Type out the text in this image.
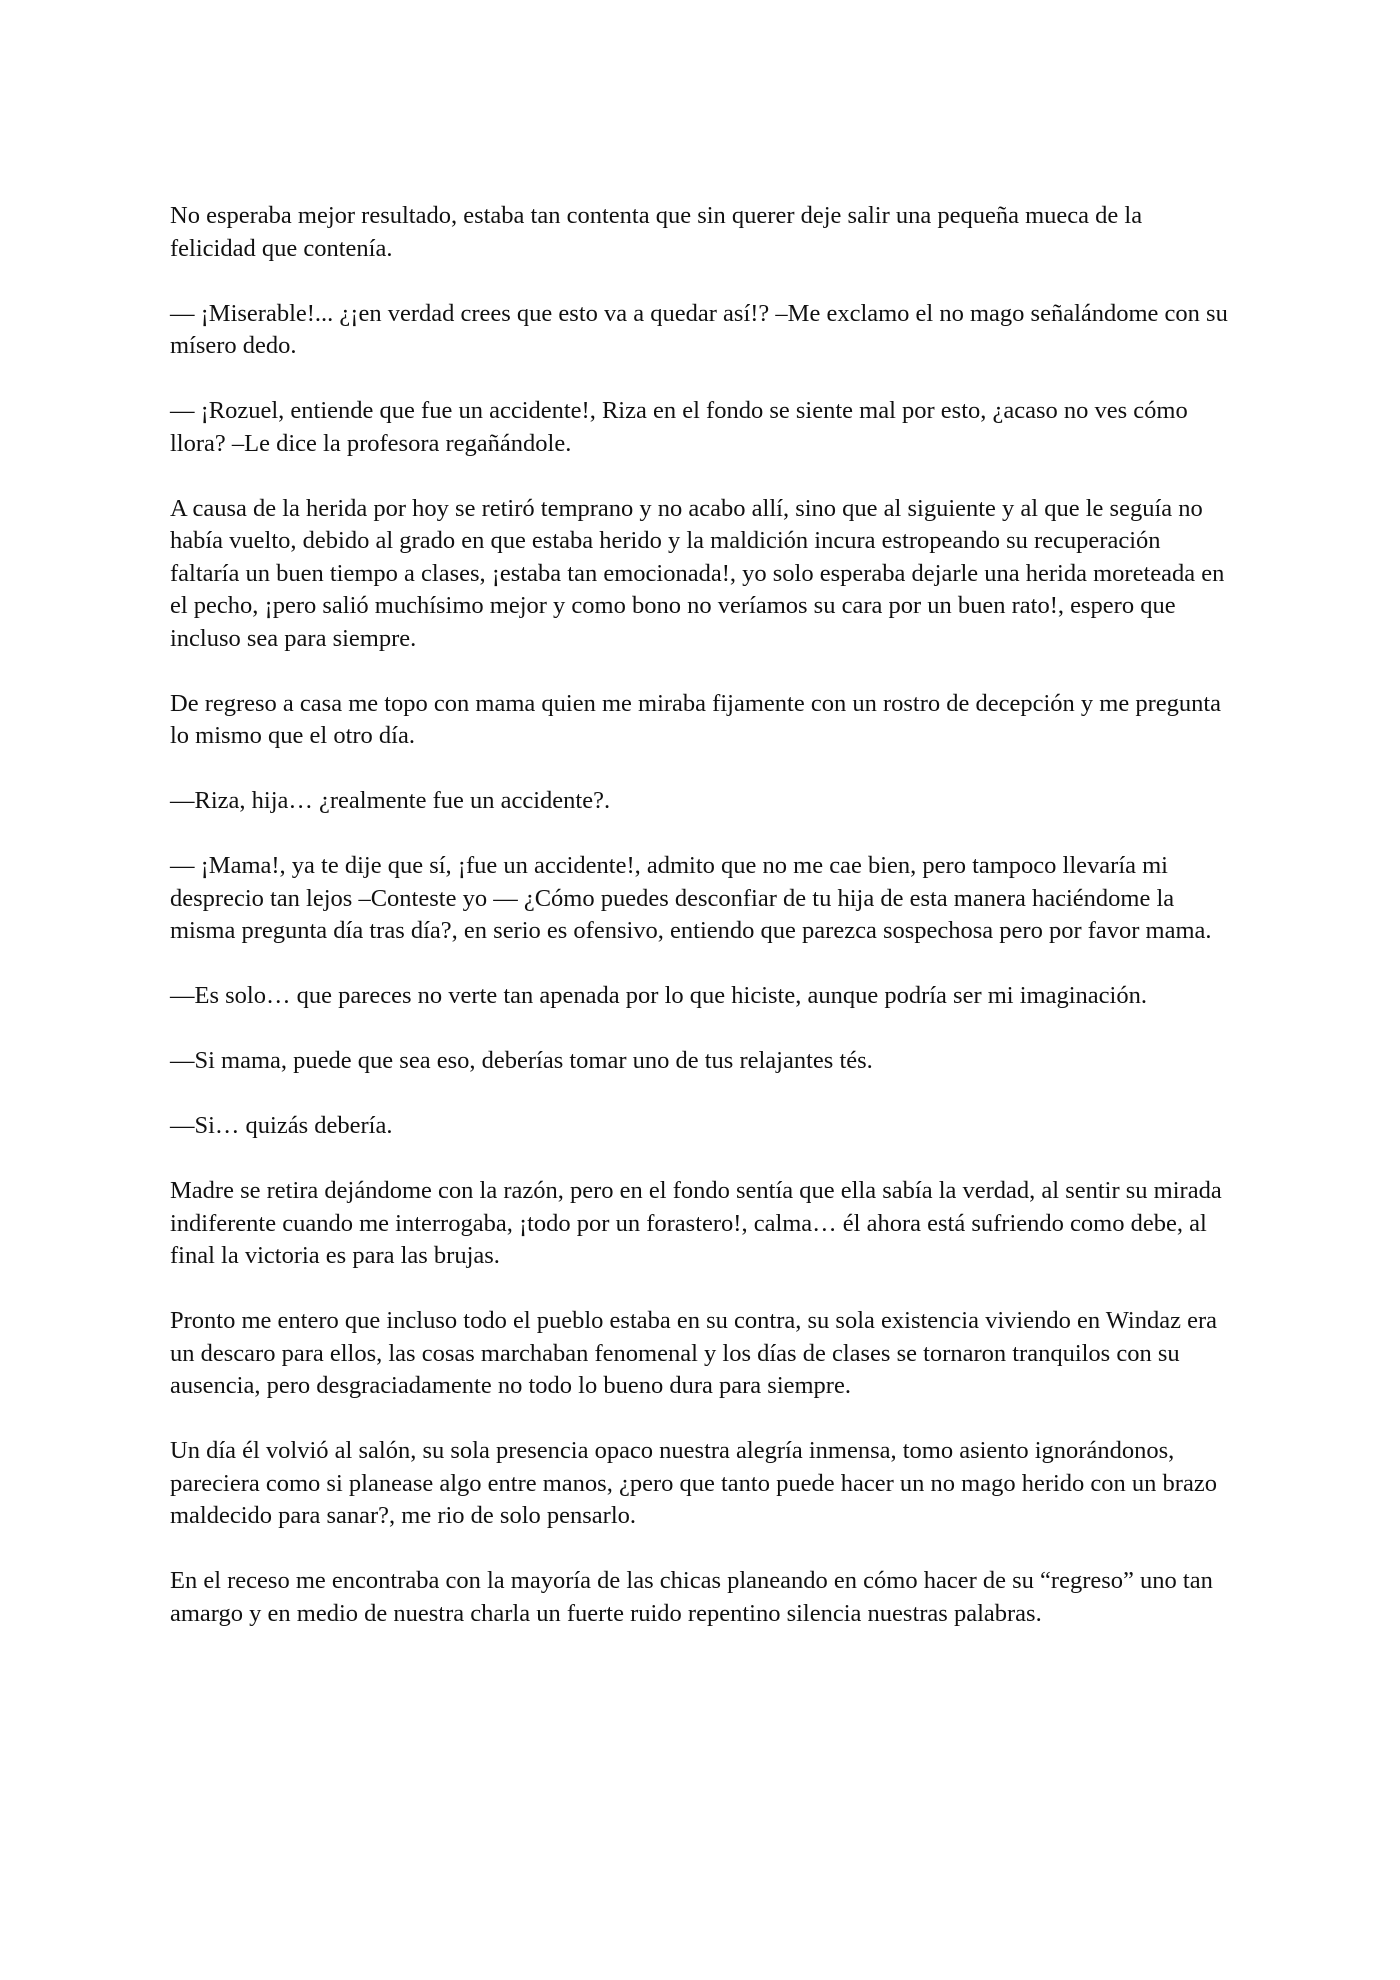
No esperaba mejor resultado, estaba tan contenta que sin querer deje salir una pequeña mueca de la felicidad que contenía.

— ¡Miserable!... ¿¡en verdad crees que esto va a quedar así!? –Me exclamo el no mago señalándome con su mísero dedo.

— ¡Rozuel, entiende que fue un accidente!, Riza en el fondo se siente mal por esto, ¿acaso no ves cómo llora? –Le dice la profesora regañándole.

A causa de la herida por hoy se retiró temprano y no acabo allí, sino que al siguiente y al que le seguía no había vuelto, debido al grado en que estaba herido y la maldición incura estropeando su recuperación faltaría un buen tiempo a clases, ¡estaba tan emocionada!, yo solo esperaba dejarle una herida moreteada en el pecho, ¡pero salió muchísimo mejor y como bono no veríamos su cara por un buen rato!, espero que incluso sea para siempre.

De regreso a casa me topo con mama quien me miraba fijamente con un rostro de decepción y me pregunta lo mismo que el otro día.

—Riza, hija… ¿realmente fue un accidente?.

— ¡Mama!, ya te dije que sí, ¡fue un accidente!, admito que no me cae bien, pero tampoco llevaría mi desprecio tan lejos –Conteste yo — ¿Cómo puedes desconfiar de tu hija de esta manera haciéndome la misma pregunta día tras día?, en serio es ofensivo, entiendo que parezca sospechosa pero por favor mama.

—Es solo… que pareces no verte tan apenada por lo que hiciste, aunque podría ser mi imaginación.

—Si mama, puede que sea eso, deberías tomar uno de tus relajantes tés.

—Si… quizás debería.

Madre se retira dejándome con la razón, pero en el fondo sentía que ella sabía la verdad, al sentir su mirada indiferente cuando me interrogaba, ¡todo por un forastero!, calma… él ahora está sufriendo como debe, al final la victoria es para las brujas.

Pronto me entero que incluso todo el pueblo estaba en su contra, su sola existencia viviendo en Windaz era un descaro para ellos, las cosas marchaban fenomenal y los días de clases se tornaron tranquilos con su ausencia, pero desgraciadamente no todo lo bueno dura para siempre.

Un día él volvió al salón, su sola presencia opaco nuestra alegría inmensa, tomo asiento ignorándonos, pareciera como si planease algo entre manos, ¿pero que tanto puede hacer un no mago herido con un brazo maldecido para sanar?, me rio de solo pensarlo.

En el receso me encontraba con la mayoría de las chicas planeando en cómo hacer de su “regreso” uno tan amargo y en medio de nuestra charla un fuerte ruido repentino silencia nuestras palabras.
